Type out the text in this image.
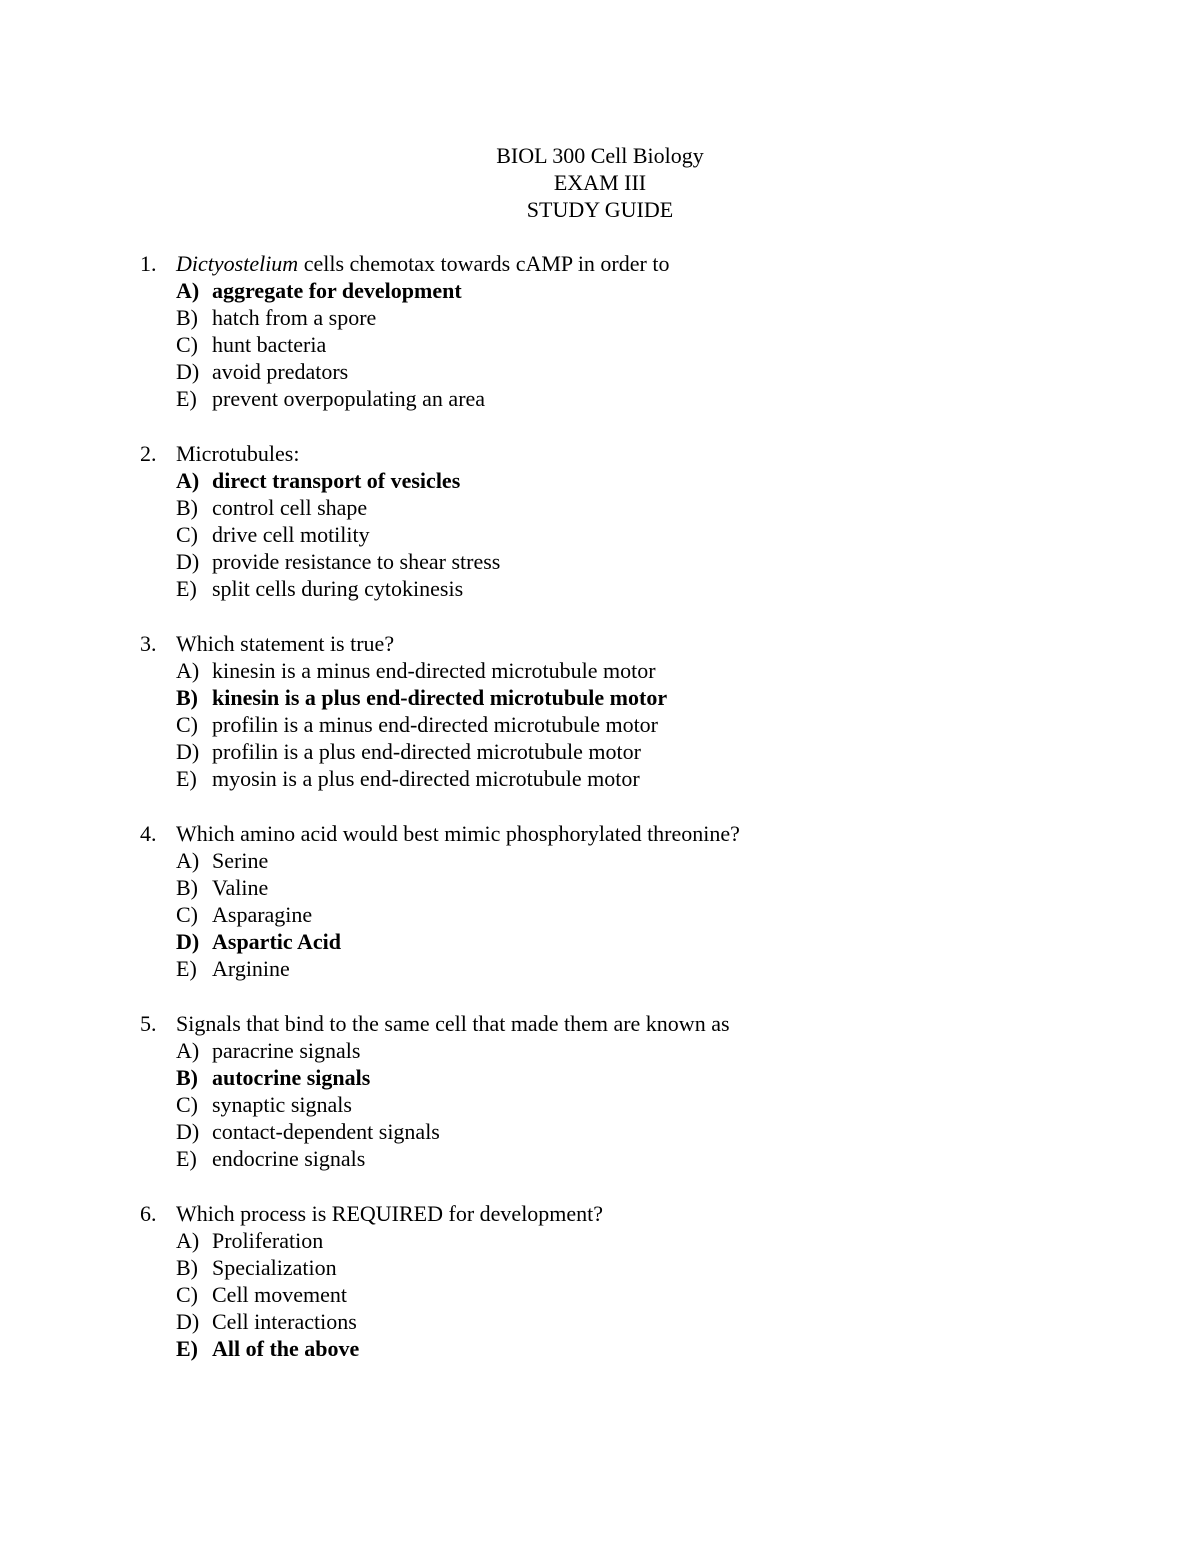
BIOL 300 Cell Biology
EXAM III
STUDY GUIDE
1. Dictyostelium cells chemotax towards cAMP in order to
A) aggregate for development
B) hatch from a spore
C) hunt bacteria
D) avoid predators
E) prevent overpopulating an area
2. Microtubules:
A) direct transport of vesicles
B) control cell shape
C) drive cell motility
D) provide resistance to shear stress
E) split cells during cytokinesis
3. Which statement is true?
A) kinesin is a minus end-directed microtubule motor
B) kinesin is a plus end-directed microtubule motor
C) profilin is a minus end-directed microtubule motor
D) profilin is a plus end-directed microtubule motor
E) myosin is a plus end-directed microtubule motor
4. Which amino acid would best mimic phosphorylated threonine?
A) Serine
B) Valine
C) Asparagine
D) Aspartic Acid
E) Arginine
5. Signals that bind to the same cell that made them are known as
A) paracrine signals
B) autocrine signals
C) synaptic signals
D) contact-dependent signals
E) endocrine signals
6. Which process is REQUIRED for development?
A) Proliferation
B) Specialization
C) Cell movement
D) Cell interactions
E) All of the above
